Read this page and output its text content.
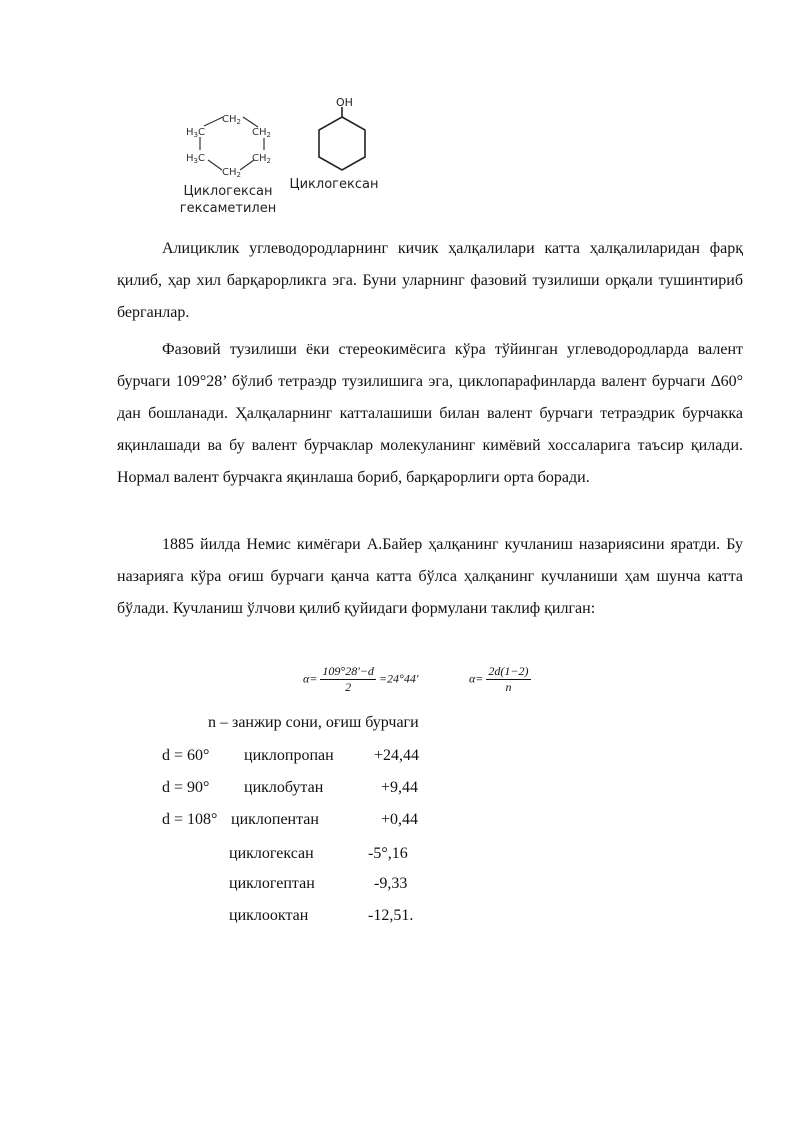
$H_3C$
$CH_2$
$CH_2$
$H_3C$	$CH_2$
$CH_2$
OH
Циклогексан
гексаметилен
Циклогексан

Алициклик углеводородларнинг кичик ҳалқалилари катта ҳалқалиларидан фарқ қилиб, ҳар хил барқарорликга эга. Буни уларнинг фазовий тузилиши орқали тушинтириб берганлар.

Фазовий тузилиши ёки стереокимёсига кўра тўйинган углеводородларда валент бурчаги 109°28’ бўлиб тетраэдр тузилишига эга, циклопарафинларда валент бурчаги ∆60° дан бошланади. Ҳалқаларнинг катталашиши билан валент бурчаги тетраэдрик бурчакка яқинлашади ва бу валент бурчаклар молекуланинг кимёвий хоссаларига таъсир қилади. Нормал валент бурчакга яқинлаша бориб, барқарорлиги орта боради.

1885 йилда Немис кимёгари А.Байер ҳалқанинг кучланиш назариясини яратди. Бу назарияга кўра оғиш бурчаги қанча катта бўлса ҳалқанинг кучланиши ҳам шунча катта бўлади. Кучланиш ўлчови қилиб қуйидаги формулани таклиф қилган:

$\alpha= \frac{109^\circ 28'-d}{2} =24^\circ 44'$	$\alpha= \frac{2d(1-2)}{n}$
n – занжир сони, оғиш бурчаги
d = 60° циклопропан	+24,44
d = 90° циклобутан	+9,44
d = 108° циклопентан	+0,44
циклогексан	-5°,16
циклогептан	-9,33
циклооктан	-12,51.
